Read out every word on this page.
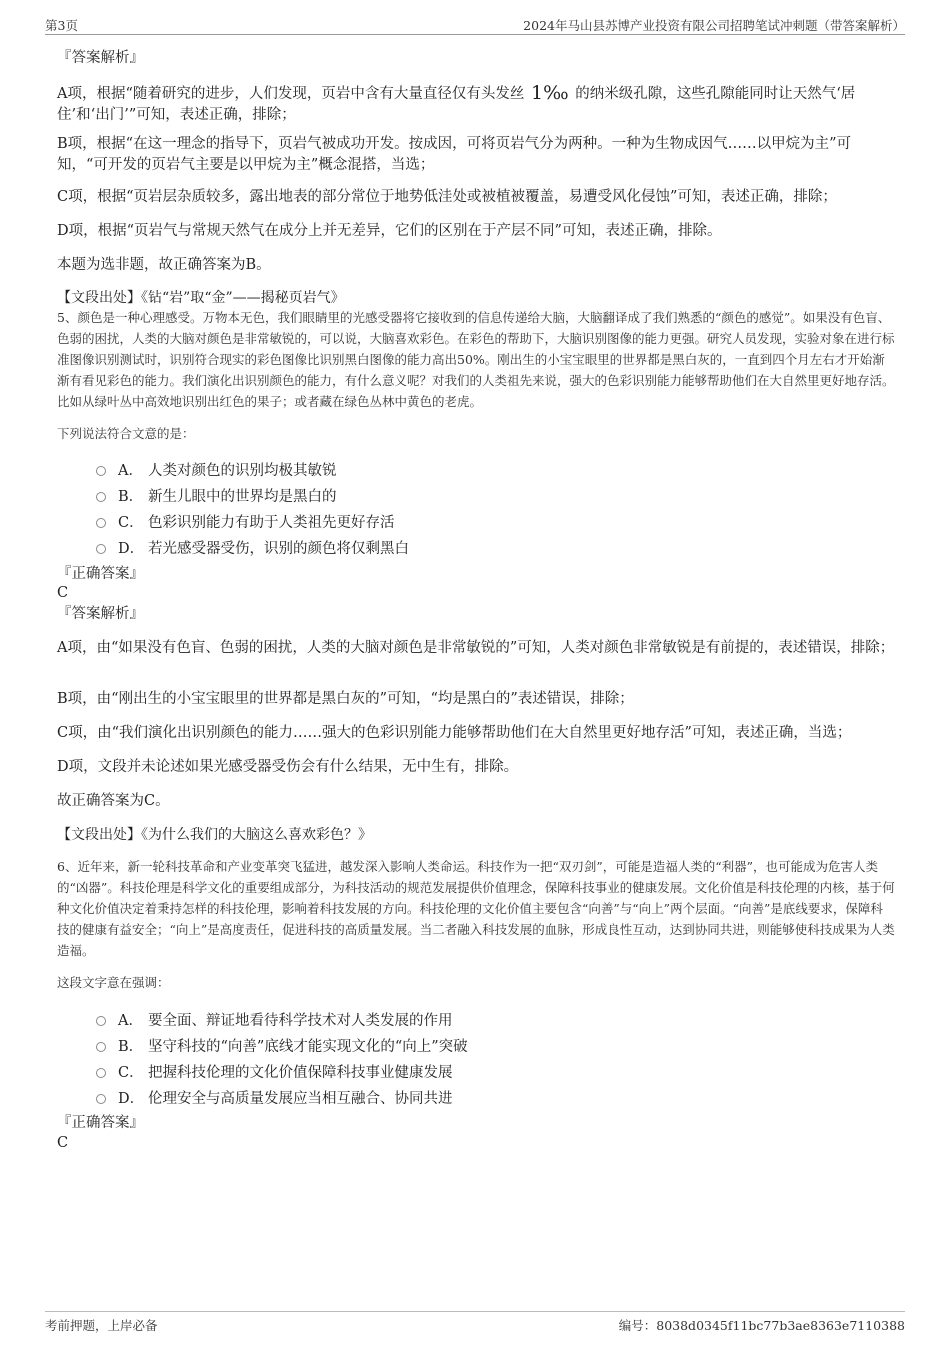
第3页	2024年马山县苏博产业投资有限公司招聘笔试冲刺题（带答案解析）
『答案解析』
A项，根据“随着研究的进步，人们发现，页岩中含有大量直径仅有头发丝 1‰ 的纳米级孔隙，这些孔隙能同时让天然气‘居住’和‘出门’”可知，表述正确，排除；
B项，根据“在这一理念的指导下，页岩气被成功开发。按成因，可将页岩气分为两种。一种为生物成因气……以甲烷为主”可知，“可开发的页岩气主要是以甲烷为主”概念混搭，当选；
C项，根据“页岩层杂质较多，露出地表的部分常位于地势低洼处或被植被覆盖，易遭受风化侵蚀”可知，表述正确，排除；
D项，根据“页岩气与常规天然气在成分上并无差异，它们的区别在于产层不同”可知，表述正确，排除。
本题为选非题，故正确答案为B。
【文段出处】《钻“岩”取“金”——揭秘页岩气》
5、颜色是一种心理感受。万物本无色，我们眼睛里的光感受器将它接收到的信息传递给大脑，大脑翻译成了我们熟悉的“颜色的感觉”。如果没有色盲、色弱的困扰，人类的大脑对颜色是非常敏锐的，可以说，大脑喜欢彩色。在彩色的帮助下，大脑识别图像的能力更强。研究人员发现，实验对象在进行标准图像识别测试时，识别符合现实的彩色图像比识别黑白图像的能力高出50%。刚出生的小宝宝眼里的世界都是黑白灰的，一直到四个月左右才开始渐渐有看见彩色的能力。我们演化出识别颜色的能力，有什么意义呢？对我们的人类祖先来说，强大的色彩识别能力能够帮助他们在大自然里更好地存活。比如从绿叶丛中高效地识别出红色的果子；或者藏在绿色丛林中黄色的老虎。
下列说法符合文意的是：
A． 人类对颜色的识别均极其敏锐
B． 新生儿眼中的世界均是黑白的
C． 色彩识别能力有助于人类祖先更好存活
D． 若光感受器受伤，识别的颜色将仅剩黑白
『正确答案』
C
『答案解析』
A项，由“如果没有色盲、色弱的困扰，人类的大脑对颜色是非常敏锐的”可知，人类对颜色非常敏锐是有前提的，表述错误，排除；
B项，由“刚出生的小宝宝眼里的世界都是黑白灰的”可知，“均是黑白的”表述错误，排除；
C项，由“我们演化出识别颜色的能力……强大的色彩识别能力能够帮助他们在大自然里更好地存活”可知，表述正确，当选；
D项，文段并未论述如果光感受器受伤会有什么结果，无中生有，排除。
故正确答案为C。
【文段出处】《为什么我们的大脑这么喜欢彩色？》
6、近年来，新一轮科技革命和产业变革突飞猛进，越发深入影响人类命运。科技作为一把“双刃剑”，可能是造福人类的“利器”，也可能成为危害人类的“凶器”。科技伦理是科学文化的重要组成部分，为科技活动的规范发展提供价值理念，保障科技事业的健康发展。文化价值是科技伦理的内核，基于何种文化价值决定着秉持怎样的科技伦理，影响着科技发展的方向。科技伦理的文化价值主要包含“向善”与“向上”两个层面。“向善”是底线要求，保障科技的健康有益安全；“向上”是高度责任，促进科技的高质量发展。当二者融入科技发展的血脉，形成良性互动，达到协同共进，则能够使科技成果为人类造福。
这段文字意在强调：
A． 要全面、辩证地看待科学技术对人类发展的作用
B． 坚守科技的“向善”底线才能实现文化的“向上”突破
C． 把握科技伦理的文化价值保障科技事业健康发展
D． 伦理安全与高质量发展应当相互融合、协同共进
『正确答案』
C
考前押题，上岸必备	编号：8038d0345f11bc77b3ae8363e7110388
